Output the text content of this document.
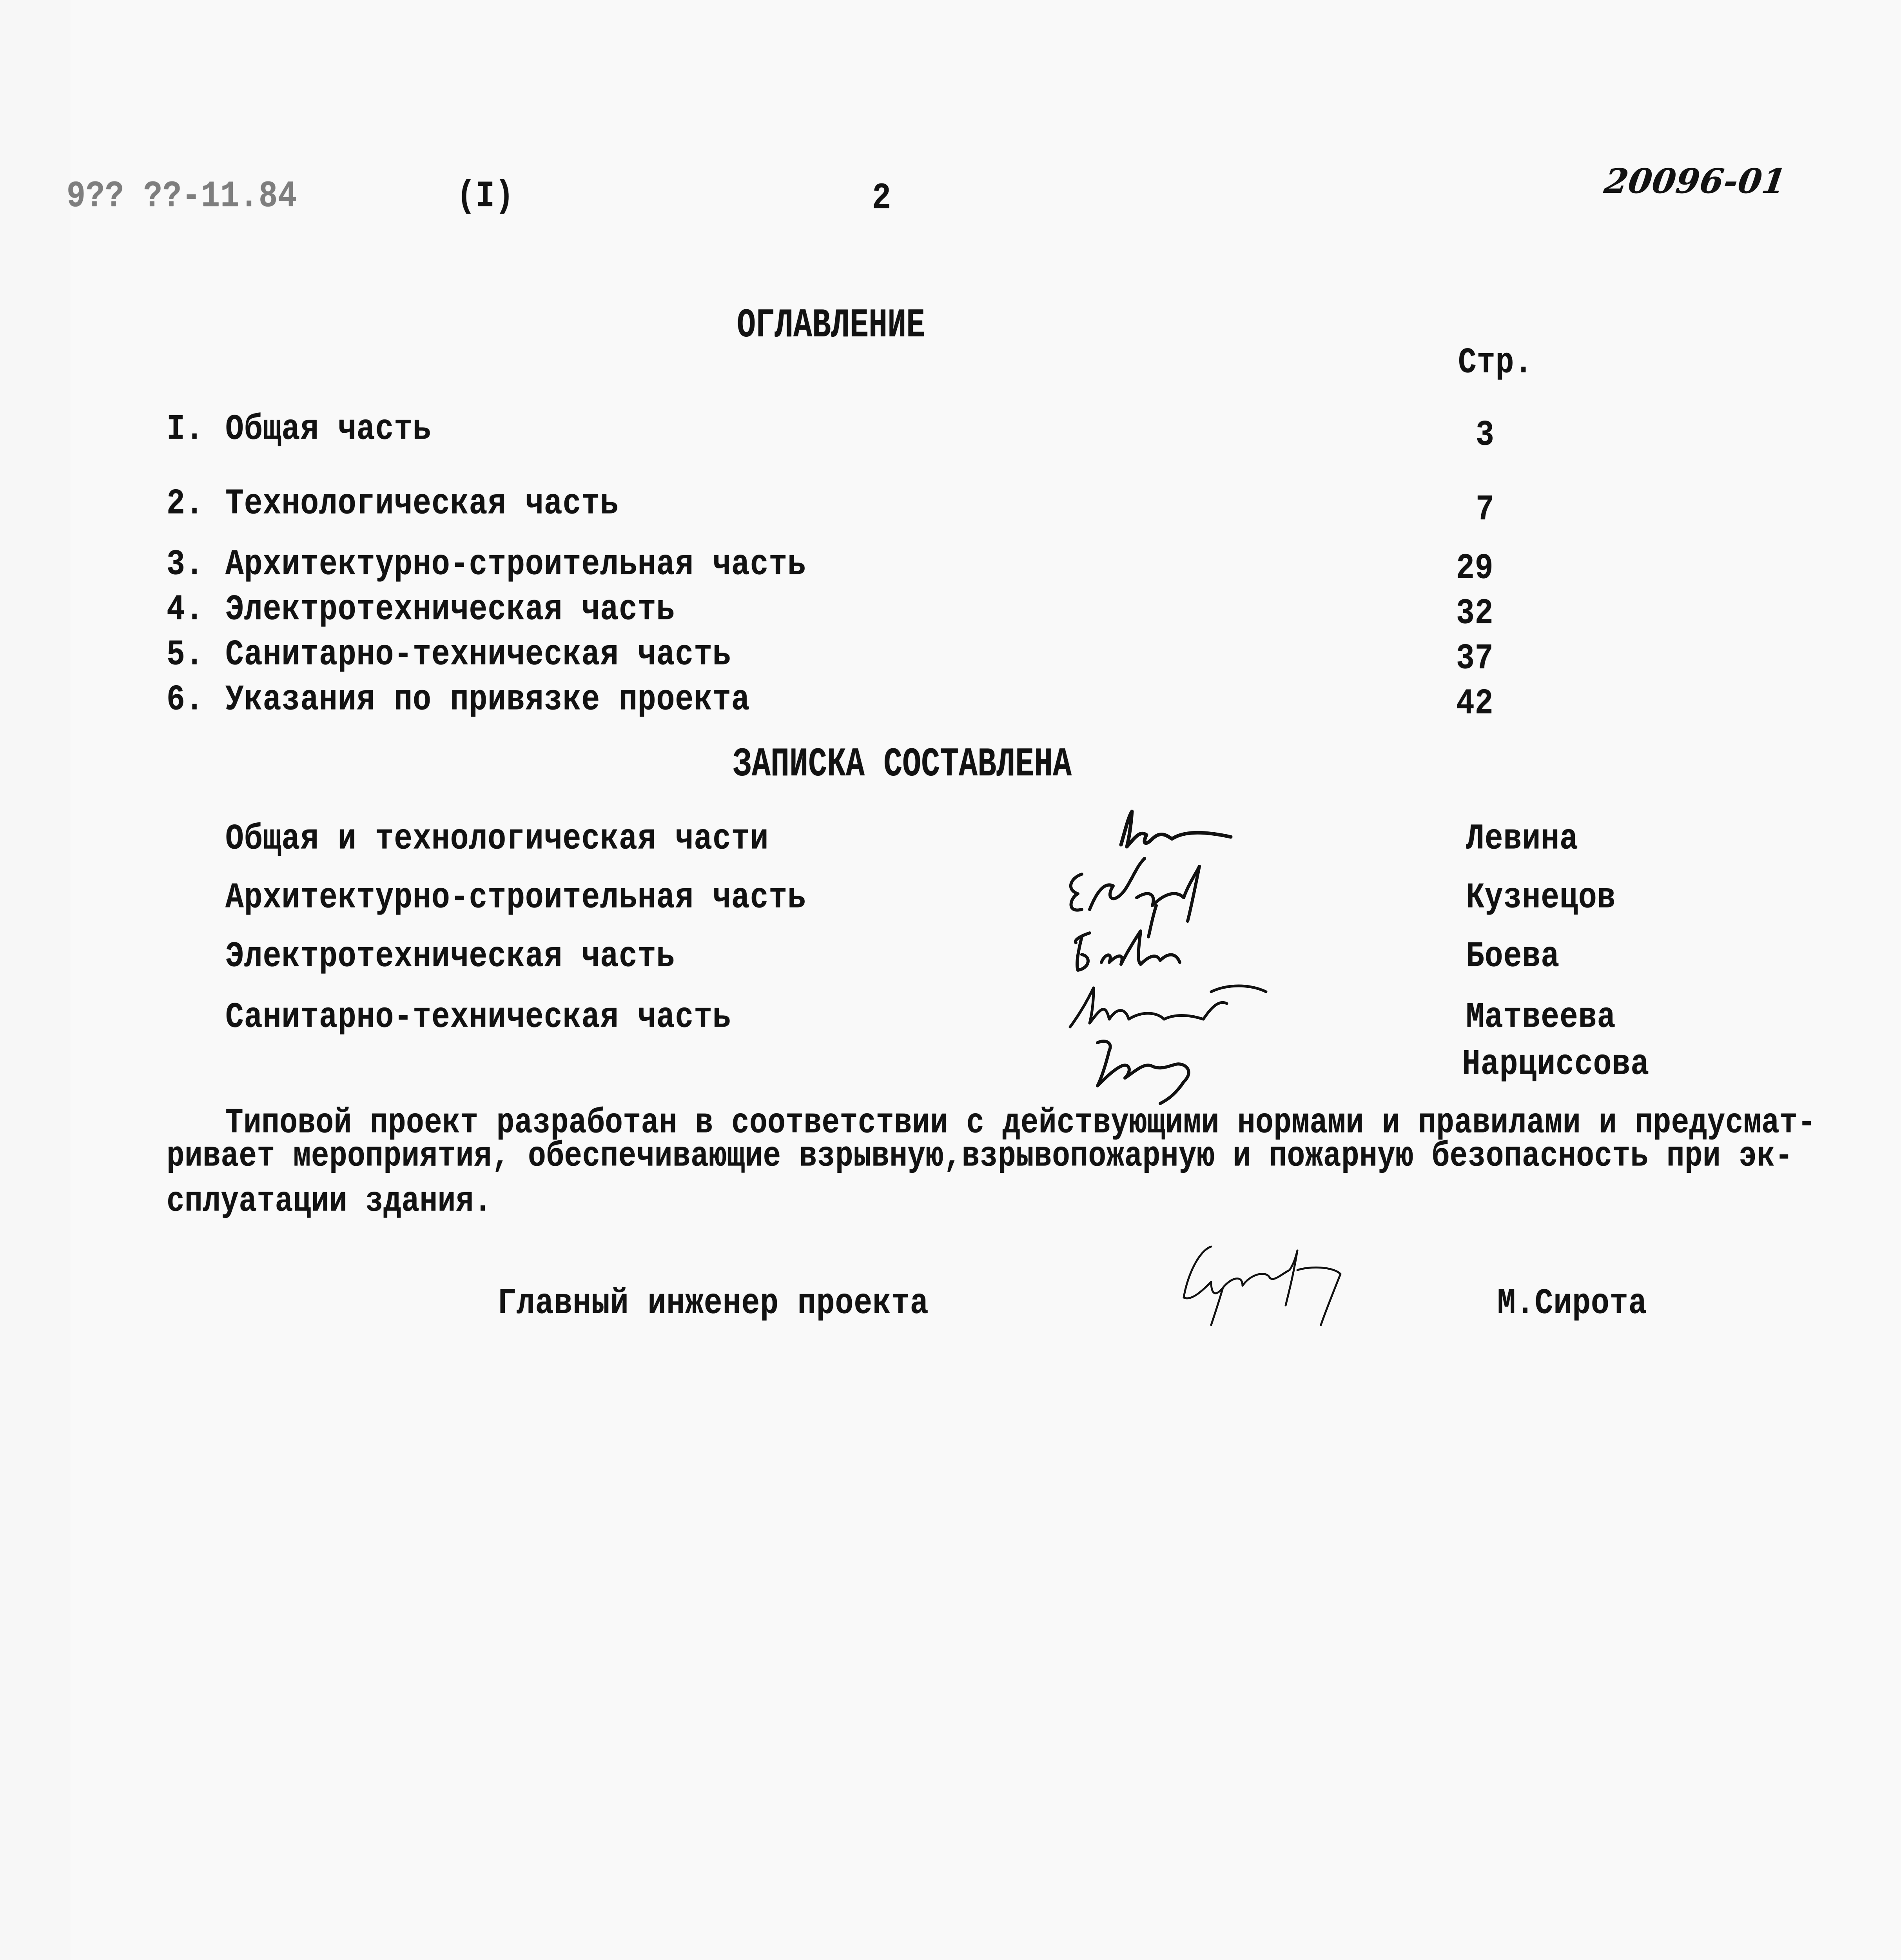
9?? ??-11.84	(I)	2	20096-01
ОГЛАВЛЕНИЕ
Стр.
I. Общая часть	3
2. Технологическая часть	7
3. Архитектурно-строительная часть	29
4. Электротехническая часть	32
5. Санитарно-техническая часть	37
6. Указания по привязке проекта	42
ЗАПИСКА СОСТАВЛЕНА
Общая и технологическая части	Левина
Архитектурно-строительная часть	Кузнецов
Электротехническая часть	Боева
Санитарно-техническая часть	Матвеева
Нарциссова
Типовой проект разработан в соответствии с действующими нормами и правилами и предусмат-
ривает мероприятия, обеспечивающие взрывную,взрывопожарную и пожарную безопасность при эк-
сплуатации здания.
Главный инженер проекта	М.Сирота
